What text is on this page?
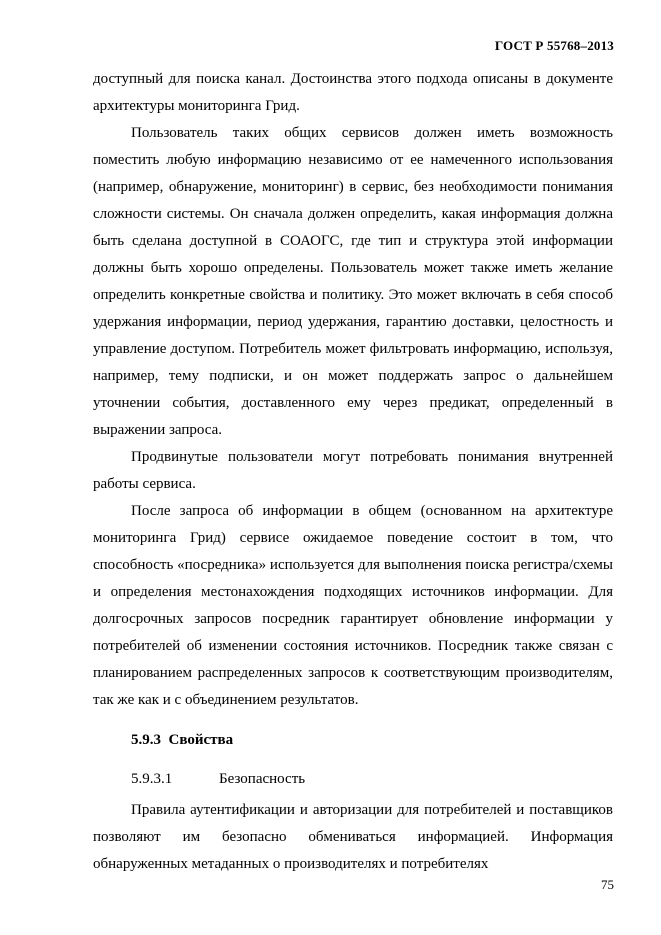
ГОСТ Р 55768–2013

доступный для поиска канал. Достоинства этого подхода описаны в документе архитектуры мониторинга Грид.

Пользователь таких общих сервисов должен иметь возможность поместить любую информацию независимо от ее намеченного использования (например, обнаружение, мониторинг) в сервис, без необходимости понимания сложности системы. Он сначала должен определить, какая информация должна быть сделана доступной в СОАОГС, где тип и структура этой информации должны быть хорошо определены. Пользователь может также иметь желание определить конкретные свойства и политику. Это может включать в себя способ удержания информации, период удержания, гарантию доставки, целостность и управление доступом. Потребитель может фильтровать информацию, используя, например, тему подписки, и он может поддержать запрос о дальнейшем уточнении события, доставленного ему через предикат, определенный в выражении запроса.

Продвинутые пользователи могут потребовать понимания внутренней работы сервиса.

После запроса об информации в общем (основанном на архитектуре мониторинга Грид) сервисе ожидаемое поведение состоит в том, что способность «посредника» используется для выполнения поиска регистра/схемы и определения местонахождения подходящих источников информации. Для долгосрочных запросов посредник гарантирует обновление информации у потребителей об изменении состояния источников. Посредник также связан с планированием распределенных запросов к соответствующим производителям, так же как и с объединением результатов.

5.9.3 Свойства

5.9.3.1	Безопасность

Правила аутентификации и авторизации для потребителей и поставщиков позволяют им безопасно обмениваться информацией. Информация обнаруженных метаданных о производителях и потребителях

75
